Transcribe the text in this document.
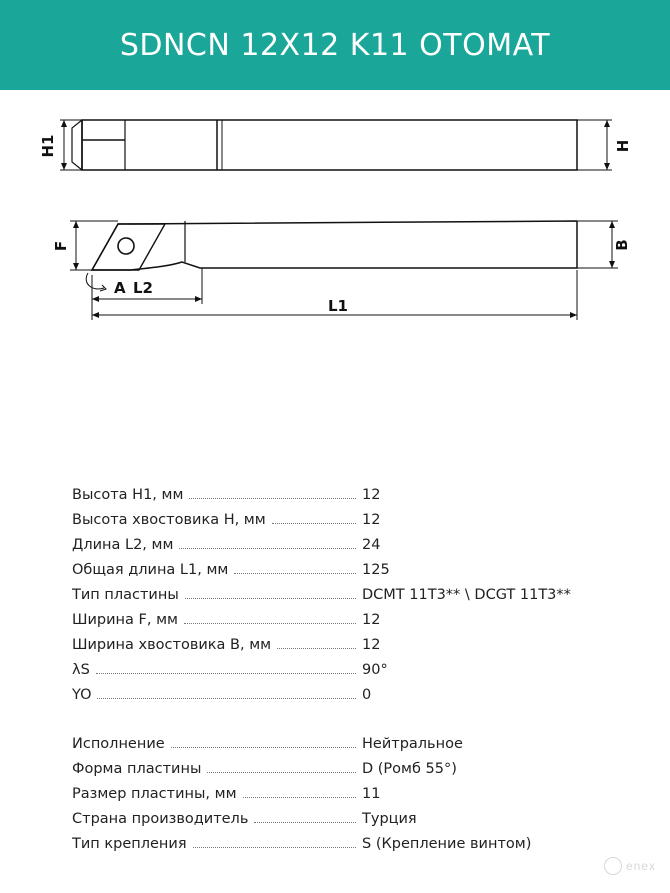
SDNCN 12X12 K11 OTOMAT
H1	H
F	B
A L2
L1
Высота H1, мм	12
Высота хвостовика H, мм	12
Длина L2, мм	24
Общая длина L1, мм	125
Тип пластины	DCMT 11T3** \ DCGT 11T3**
Ширина F, мм	12
Ширина хвостовика B, мм	12
λS	90°
YO	0
Исполнение	Нейтральное
Форма пластины	D (Ромб 55°)
Размер пластины, мм	11
Страна производитель	Турция
Тип крепления	S (Крепление винтом)
enex
